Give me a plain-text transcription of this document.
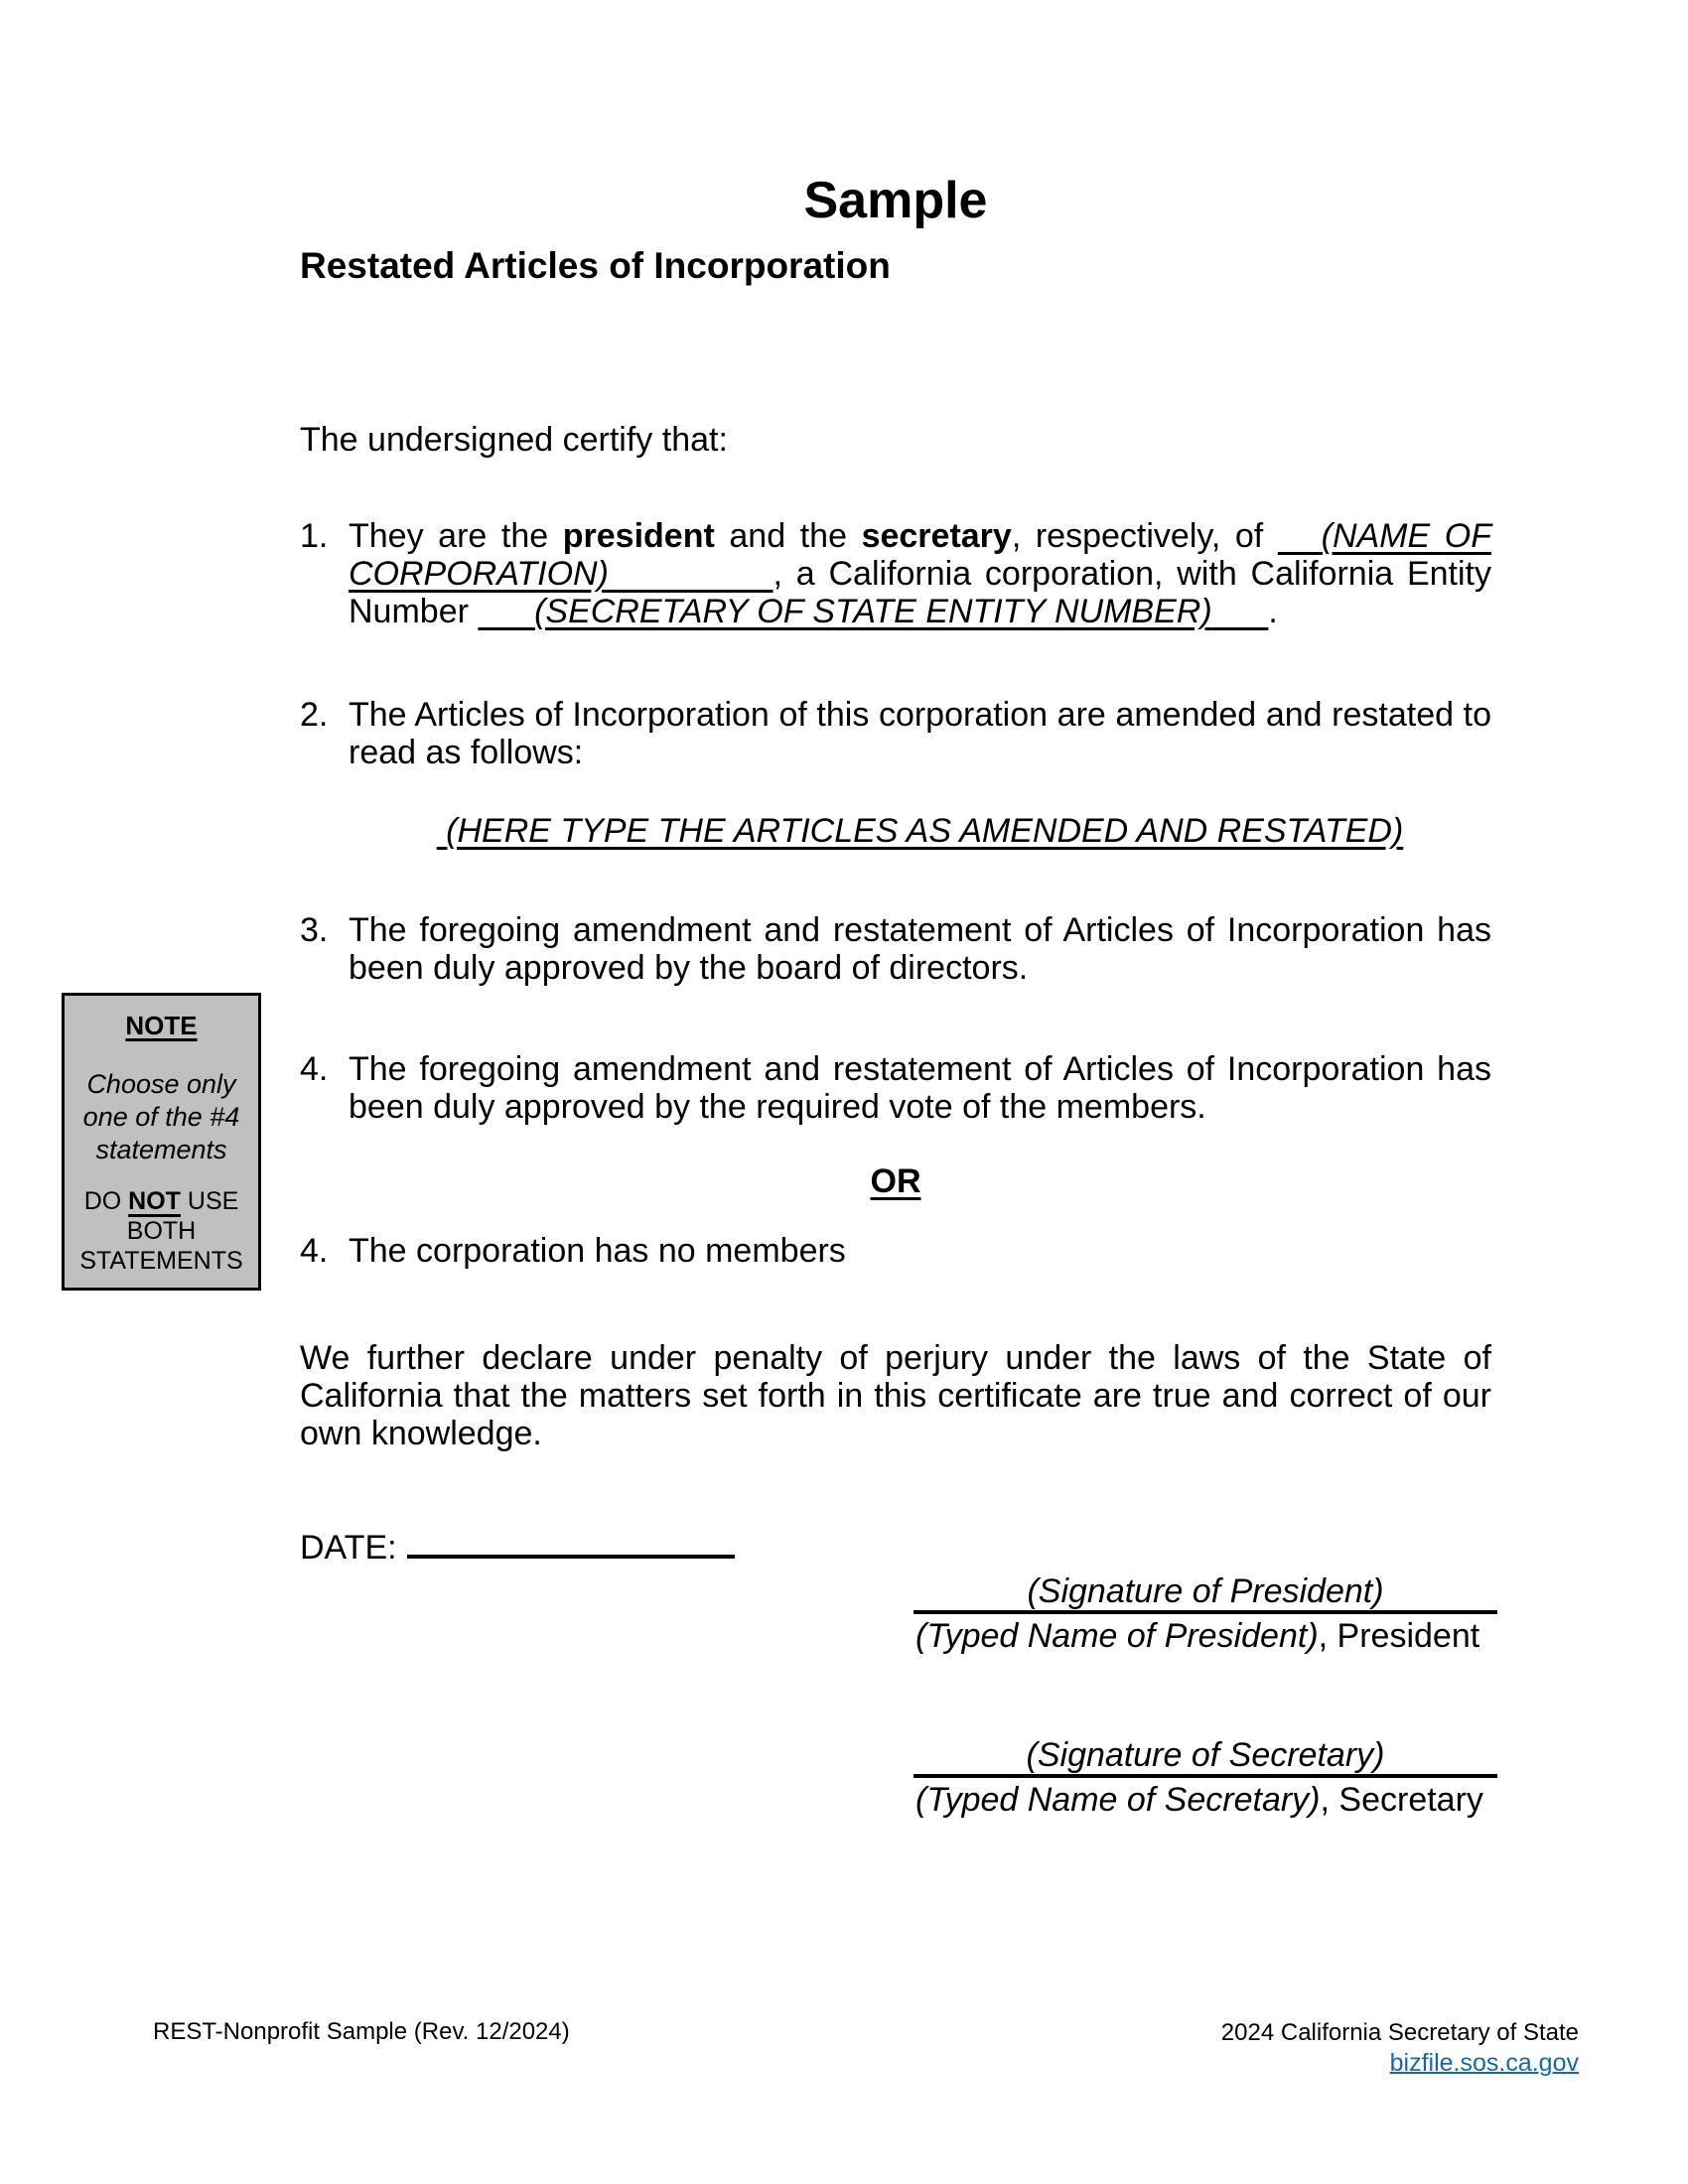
Sample
Restated Articles of Incorporation
The undersigned certify that:
1. They are the president and the secretary, respectively, of    (NAME OF
CORPORATION)	, a California corporation, with California Entity
Number       (SECRETARY OF STATE ENTITY NUMBER) .
2. The Articles of Incorporation of this corporation are amended and restated to
read as follows:
(HERE TYPE THE ARTICLES AS AMENDED AND RESTATED)
3. The foregoing amendment and restatement of Articles of Incorporation has
been duly approved by the board of directors.
NOTE
Choose only
one of the #4
statements
DO NOT USE
BOTH
STATEMENTS
4. The foregoing amendment and restatement of Articles of Incorporation has
been duly approved by the required vote of the members.
OR
4. The corporation has no members
We further declare under penalty of perjury under the laws of the State of
California that the matters set forth in this certificate are true and correct of our
own knowledge.
DATE:
(Signature of President)
(Typed Name of President), President
(Signature of Secretary)
(Typed Name of Secretary), Secretary
REST-Nonprofit Sample (Rev. 12/2024)	2024 California Secretary of State
bizfile.sos.ca.gov
